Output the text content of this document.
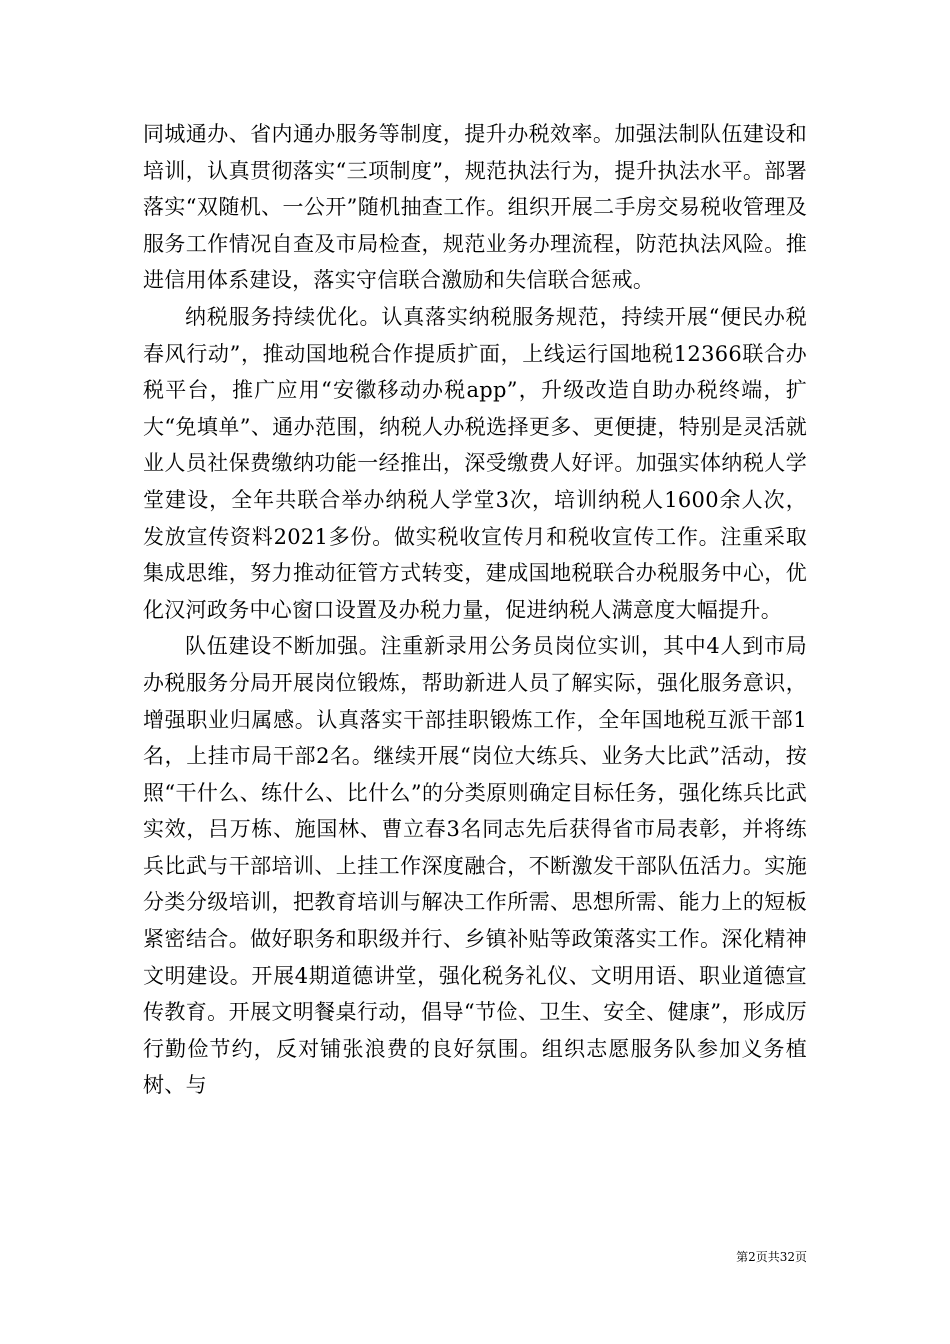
同城通办、省内通办服务等制度，提升办税效率。加强法制队伍建设和培训，认真贯彻落实“三项制度”，规范执法行为，提升执法水平。部署落实“双随机、一公开”随机抽查工作。组织开展二手房交易税收管理及服务工作情况自查及市局检查，规范业务办理流程，防范执法风险。推进信用体系建设，落实守信联合激励和失信联合惩戒。

纳税服务持续优化。认真落实纳税服务规范，持续开展“便民办税春风行动”，推动国地税合作提质扩面，上线运行国地税12366联合办税平台，推广应用“安徽移动办税app”，升级改造自助办税终端，扩大“免填单”、通办范围，纳税人办税选择更多、更便捷，特别是灵活就业人员社保费缴纳功能一经推出，深受缴费人好评。加强实体纳税人学堂建设，全年共联合举办纳税人学堂3次，培训纳税人1600余人次，发放宣传资料2021多份。做实税收宣传月和税收宣传工作。注重采取集成思维，努力推动征管方式转变，建成国地税联合办税服务中心，优化汉河政务中心窗口设置及办税力量，促进纳税人满意度大幅提升。

队伍建设不断加强。注重新录用公务员岗位实训，其中4人到市局办税服务分局开展岗位锻炼，帮助新进人员了解实际，强化服务意识，增强职业归属感。认真落实干部挂职锻炼工作，全年国地税互派干部1名，上挂市局干部2名。继续开展“岗位大练兵、业务大比武”活动，按照“干什么、练什么、比什么”的分类原则确定目标任务，强化练兵比武实效，吕万栋、施国林、曹立春3名同志先后获得省市局表彰，并将练兵比武与干部培训、上挂工作深度融合，不断激发干部队伍活力。实施分类分级培训，把教育培训与解决工作所需、思想所需、能力上的短板紧密结合。做好职务和职级并行、乡镇补贴等政策落实工作。深化精神文明建设。开展4期道德讲堂，强化税务礼仪、文明用语、职业道德宣传教育。开展文明餐桌行动，倡导“节俭、卫生、安全、健康”，形成厉行勤俭节约，反对铺张浪费的良好氛围。组织志愿服务队参加义务植树、与

第2页共32页
